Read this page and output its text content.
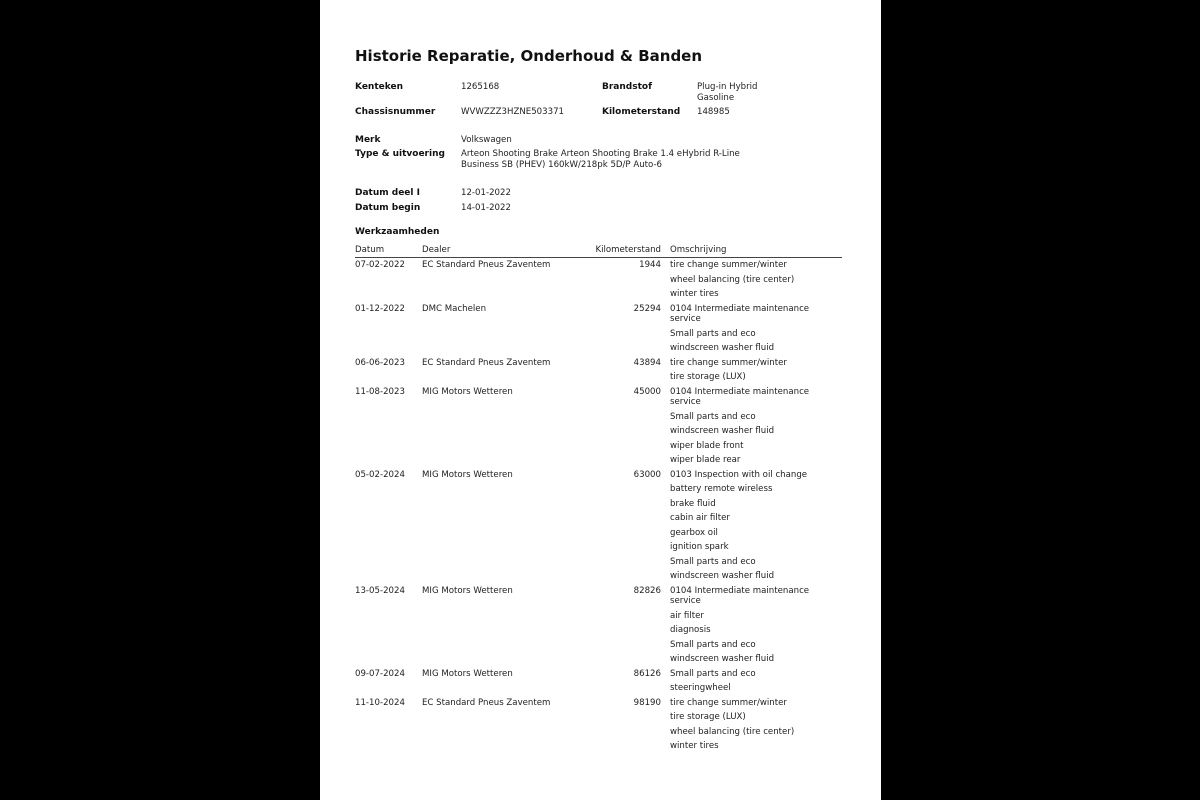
Historie Reparatie, Onderhoud & Banden
Kenteken	1265168	Brandstof	Plug-in Hybrid
Gasoline
Chassisnummer	WVWZZZ3HZNE503371	Kilometerstand 148985
Merk	Volkswagen
Type & uitvoering Arteon Shooting Brake Arteon Shooting Brake 1.4 eHybrid R-Line
Business SB (PHEV) 160kW/218pk 5D/P Auto-6
Datum deel I	12-01-2022
Datum begin	14-01-2022
Werkzaamheden
Datum	Dealer	Kilometerstand Omschrijving
07-02-2022 EC Standard Pneus Zaventem	1944 tire change summer/winter
wheel balancing (tire center)
winter tires
01-12-2022 DMC Machelen	25294 0104 Intermediate maintenance service
Small parts and eco
windscreen washer fluid
06-06-2023 EC Standard Pneus Zaventem	43894 tire change summer/winter
tire storage (LUX)
11-08-2023 MIG Motors Wetteren	45000 0104 Intermediate maintenance service
Small parts and eco
windscreen washer fluid
wiper blade front
wiper blade rear
05-02-2024 MIG Motors Wetteren	63000 0103 Inspection with oil change
battery remote wireless
brake fluid
cabin air filter
gearbox oil
ignition spark
Small parts and eco
windscreen washer fluid
13-05-2024 MIG Motors Wetteren	82826 0104 Intermediate maintenance service
air filter
diagnosis
Small parts and eco
windscreen washer fluid
09-07-2024 MIG Motors Wetteren	86126 Small parts and eco
steeringwheel
11-10-2024 EC Standard Pneus Zaventem	98190 tire change summer/winter
tire storage (LUX)
wheel balancing (tire center)
winter tires
